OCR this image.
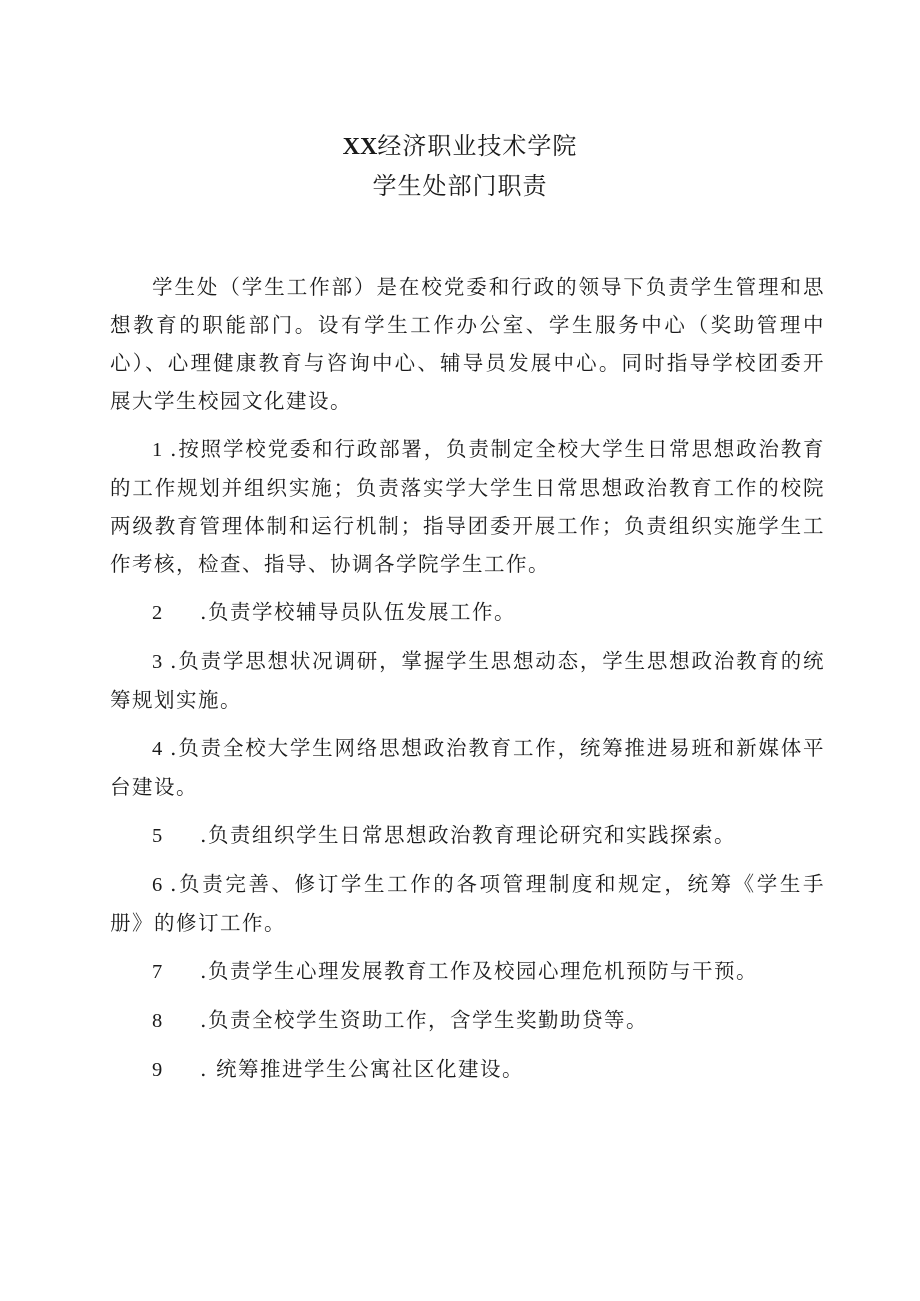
XX经济职业技术学院
学生处部门职责

学生处（学生工作部）是在校党委和行政的领导下负责学生管理和思想教育的职能部门。设有学生工作办公室、学生服务中心（奖助管理中心）、心理健康教育与咨询中心、辅导员发展中心。同时指导学校团委开展大学生校园文化建设。

1 .按照学校党委和行政部署，负责制定全校大学生日常思想政治教育的工作规划并组织实施；负责落实学大学生日常思想政治教育工作的校院两级教育管理体制和运行机制；指导团委开展工作；负责组织实施学生工作考核，检查、指导、协调各学院学生工作。

2 .负责学校辅导员队伍发展工作。

3 .负责学思想状况调研，掌握学生思想动态，学生思想政治教育的统筹规划实施。

4 .负责全校大学生网络思想政治教育工作，统筹推进易班和新媒体平台建设。

5 .负责组织学生日常思想政治教育理论研究和实践探索。

6 .负责完善、修订学生工作的各项管理制度和规定，统筹《学生手册》的修订工作。

7 .负责学生心理发展教育工作及校园心理危机预防与干预。

8 .负责全校学生资助工作，含学生奖勤助贷等。

9 . 统筹推进学生公寓社区化建设。
